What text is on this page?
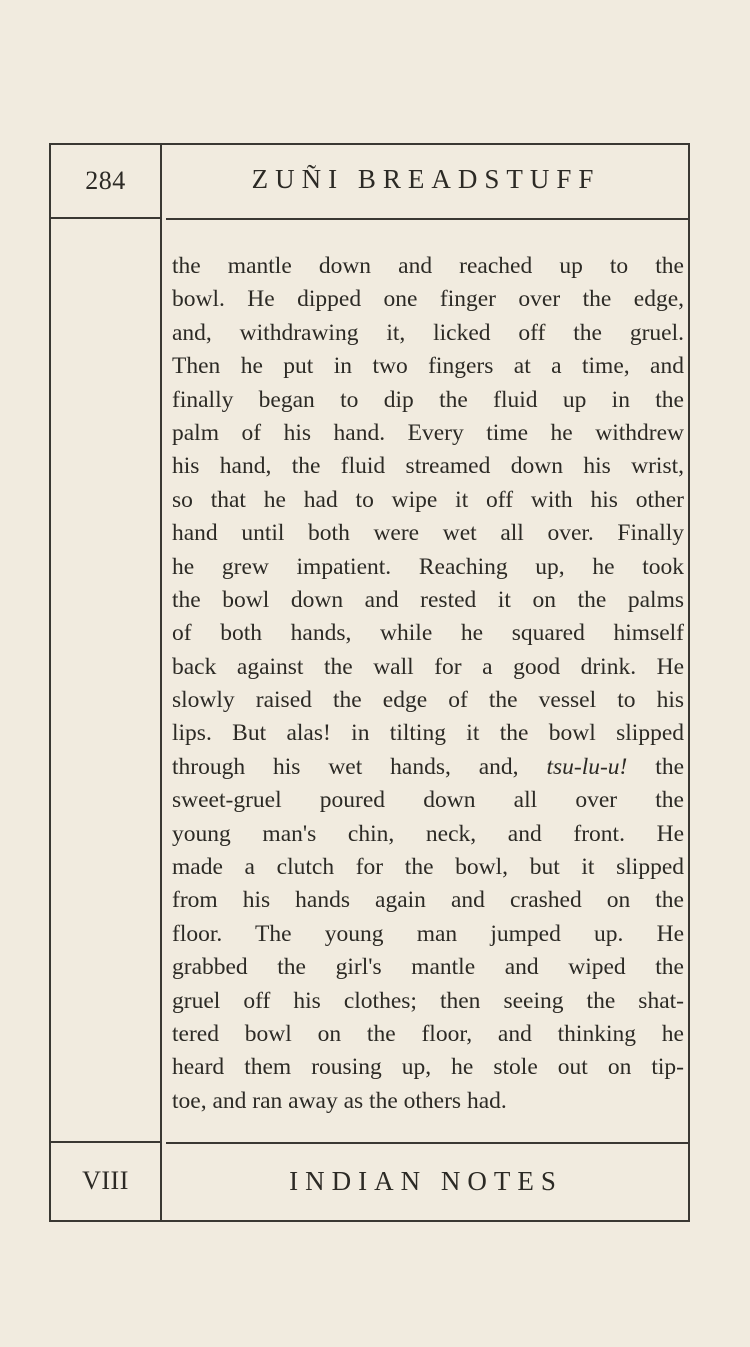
284	ZUÑI BREADSTUFF
the mantle down and reached up to the
bowl. He dipped one finger over the edge,
and, withdrawing it, licked off the gruel.
Then he put in two fingers at a time, and
finally began to dip the fluid up in the
palm of his hand. Every time he withdrew
his hand, the fluid streamed down his wrist,
so that he had to wipe it off with his other
hand until both were wet all over. Finally
he grew impatient. Reaching up, he took
the bowl down and rested it on the palms
of both hands, while he squared himself
back against the wall for a good drink. He
slowly raised the edge of the vessel to his
lips. But alas! in tilting it the bowl slipped
through his wet hands, and, tsu-lu-u! the
sweet-gruel poured down all over the
young man's chin, neck, and front. He
made a clutch for the bowl, but it slipped
from his hands again and crashed on the
floor. The young man jumped up. He
grabbed the girl's mantle and wiped the
gruel off his clothes; then seeing the shat-
tered bowl on the floor, and thinking he
heard them rousing up, he stole out on tip-
toe, and ran away as the others had.
VIII	INDIAN NOTES
